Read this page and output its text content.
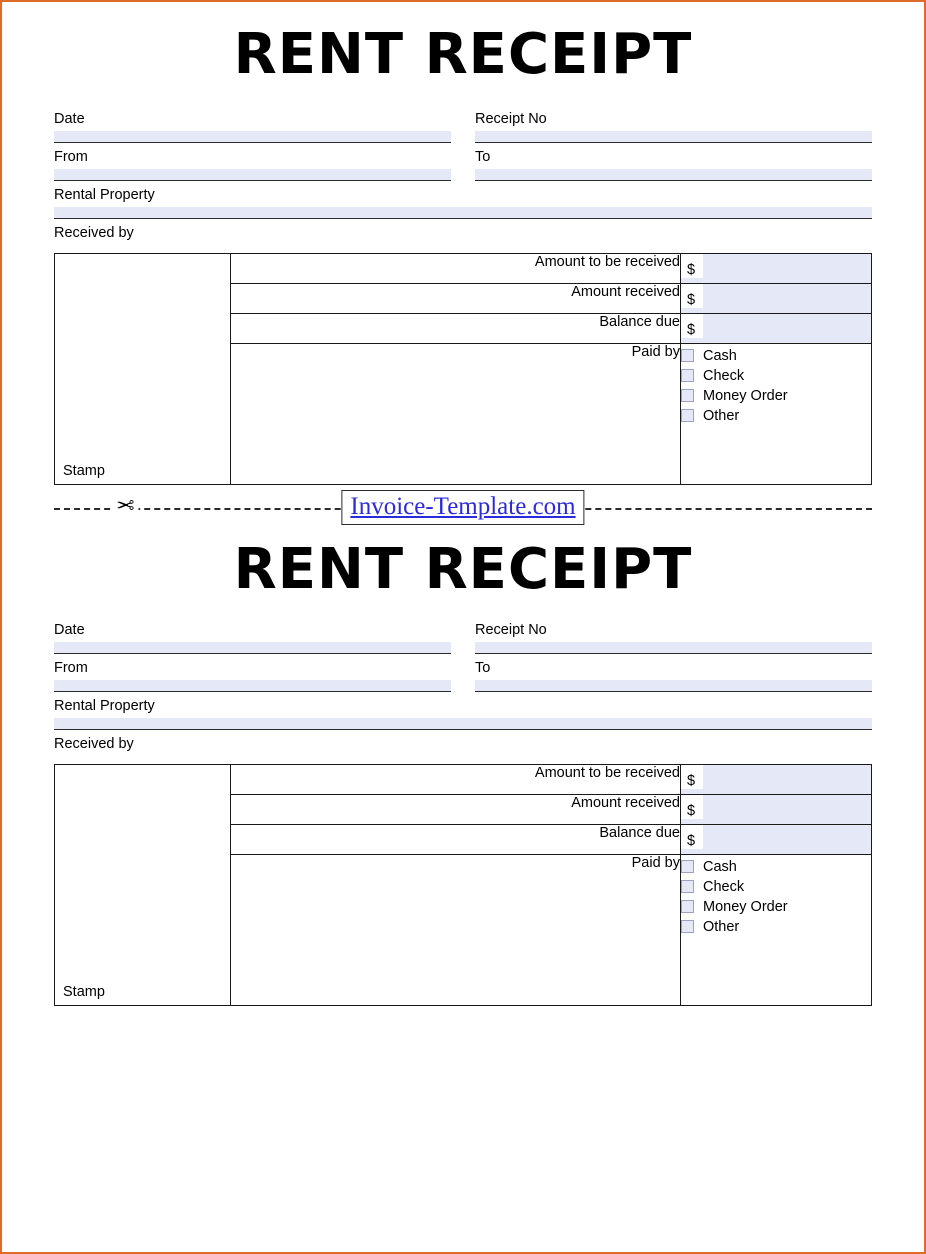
RENT RECEIPT
Date	Receipt No
From	To
Rental Property
Received by
Stamp	Amount to be received	$

	Amount received	$

	Balance due	$

	Paid by	Cash
Check
Money Order
Other
✂	Invoice-Template.com
RENT RECEIPT
Date	Receipt No
From	To
Rental Property
Received by
Stamp	Amount to be received	$

	Amount received	$

	Balance due	$

	Paid by	Cash
Check
Money Order
Other
